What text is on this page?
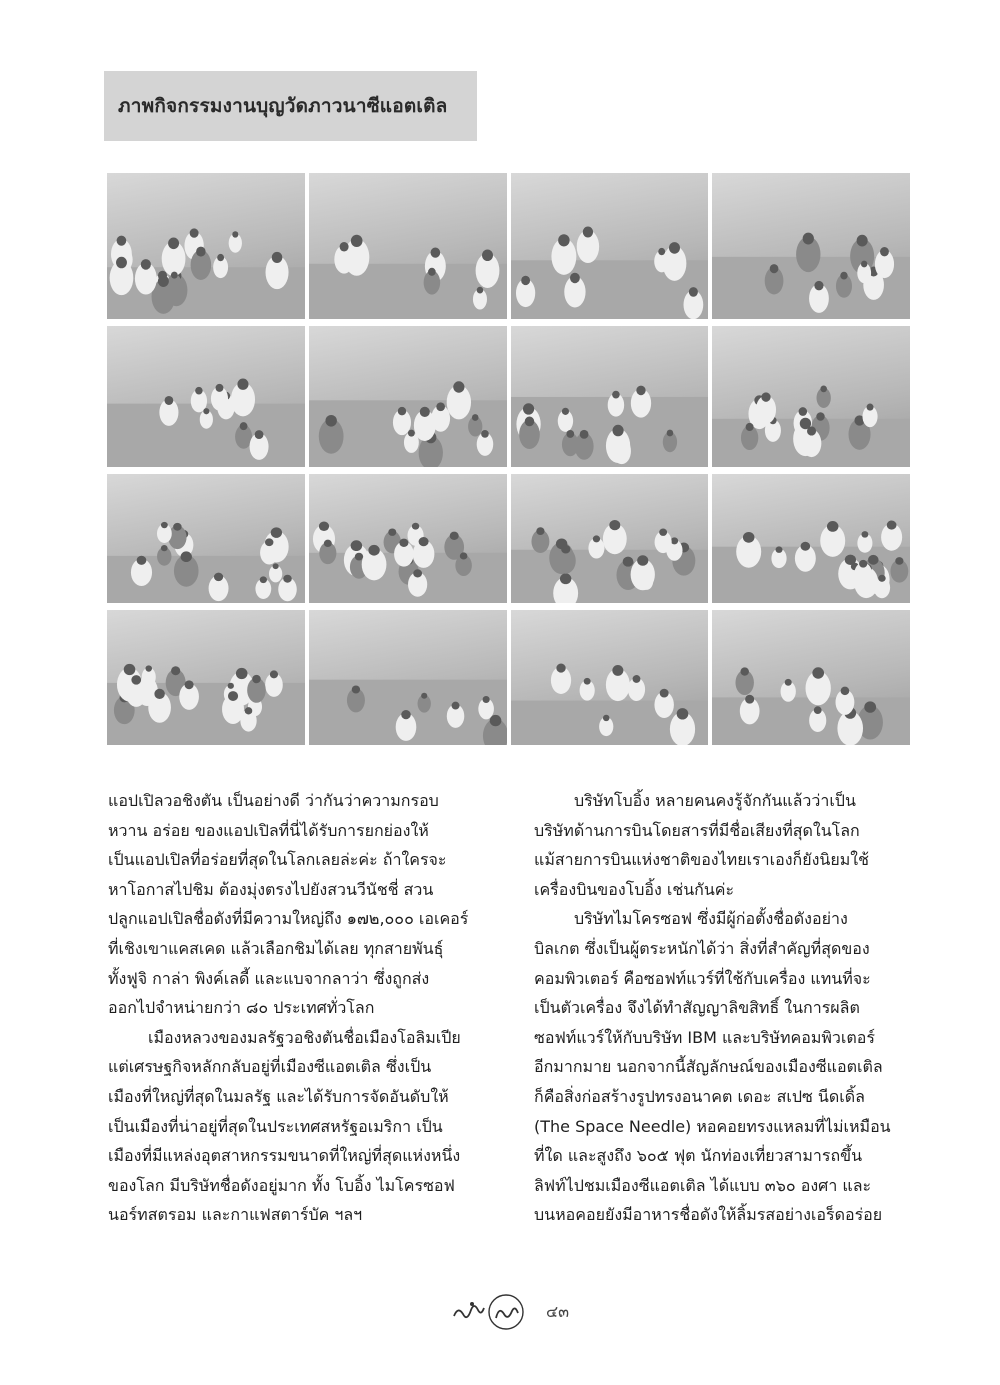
ภาพกิจกรรมงานบุญวัดภาวนาซีแอตเติล

แอปเปิลวอชิงตัน เป็นอย่างดี ว่ากันว่าความกรอบ
หวาน อร่อย ของแอปเปิลที่นี่ได้รับการยกย่องให้
เป็นแอปเปิลที่อร่อยที่สุดในโลกเลยล่ะค่ะ ถ้าใครจะ
หาโอกาสไปชิม ต้องมุ่งตรงไปยังสวนวีนัชชี่ สวน
ปลูกแอปเปิลชื่อดังที่มีความใหญ่ถึง ๑๗๒,๐๐๐ เอเคอร์
ที่เชิงเขาแคสเคด แล้วเลือกชิมได้เลย ทุกสายพันธุ์
ทั้งฟูจิ กาล่า พิงค์เลดี้ และแบจากลาว่า ซึ่งถูกส่ง
ออกไปจำหน่ายกว่า ๘๐ ประเทศทั่วโลก

เมืองหลวงของมลรัฐวอชิงตันชื่อเมืองโอลิมเปีย
แต่เศรษฐกิจหลักกลับอยู่ที่เมืองซีแอตเติล ซึ่งเป็น
เมืองที่ใหญ่ที่สุดในมลรัฐ และได้รับการจัดอันดับให้
เป็นเมืองที่น่าอยู่ที่สุดในประเทศสหรัฐอเมริกา เป็น
เมืองที่มีแหล่งอุตสาหกรรมขนาดที่ใหญ่ที่สุดแห่งหนึ่ง
ของโลก มีบริษัทชื่อดังอยู่มาก ทั้ง โบอิ้ง ไมโครซอฟ
นอร์ทสตรอม และกาแฟสตาร์บัค ฯลฯ

บริษัทโบอิ้ง หลายคนคงรู้จักกันแล้วว่าเป็น
บริษัทด้านการบินโดยสารที่มีชื่อเสียงที่สุดในโลก
แม้สายการบินแห่งชาติของไทยเราเองก็ยังนิยมใช้
เครื่องบินของโบอิ้ง เช่นกันค่ะ

บริษัทไมโครซอฟ ซึ่งมีผู้ก่อตั้งชื่อดังอย่าง
บิลเกต ซึ่งเป็นผู้ตระหนักได้ว่า สิ่งที่สำคัญที่สุดของ
คอมพิวเตอร์ คือซอฟท์แวร์ที่ใช้กับเครื่อง แทนที่จะ
เป็นตัวเครื่อง จึงได้ทำสัญญาลิขสิทธิ์ ในการผลิต
ซอฟท์แวร์ให้กับบริษัท IBM และบริษัทคอมพิวเตอร์
อีกมากมาย นอกจากนี้สัญลักษณ์ของเมืองซีแอตเติล
ก็คือสิ่งก่อสร้างรูปทรงอนาคต เดอะ สเปซ นีดเดิ้ล
(The Space Needle) หอคอยทรงแหลมที่ไม่เหมือน
ที่ใด และสูงถึง ๖๐๕ ฟุต นักท่องเที่ยวสามารถขึ้น
ลิฟท์ไปชมเมืองซีแอตเติล ได้แบบ ๓๖๐ องศา และ
บนหอคอยยังมีอาหารชื่อดังให้ลิ้มรสอย่างเอร็ดอร่อย

๔๓
